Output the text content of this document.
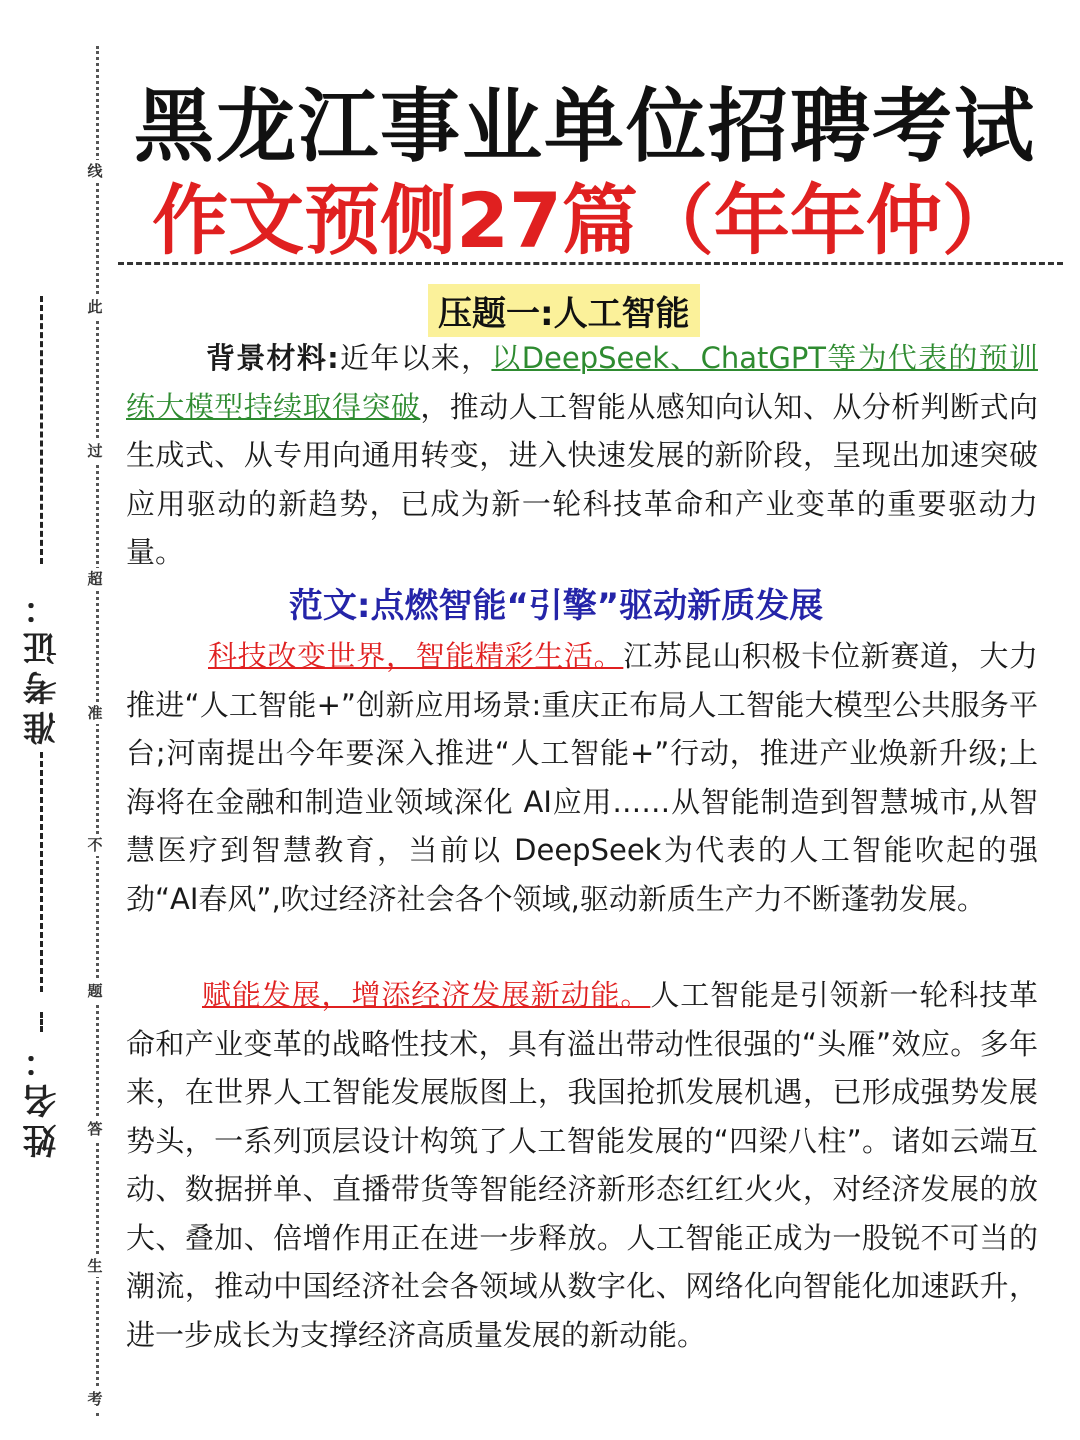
黑龙江事业单位招聘考试
作文预侧27篇（年年仲）
线
此
过
超
准
不
题
答
生
考
准考证：
姓名：
压题一:人工智能

背景材料:近年以来，以DeepSeek、ChatGPT等为代表的预训练大模型持续取得突破，推动人工智能从感知向认知、从分析判断式向生成式、从专用向通用转变，进入快速发展的新阶段，呈现出加速突破应用驱动的新趋势，已成为新一轮科技革命和产业变革的重要驱动力量。

范文:点燃智能“引擎”驱动新质发展

科技改变世界，智能精彩生活。江苏昆山积极卡位新赛道，大力推进“人工智能+”创新应用场景:重庆正布局人工智能大模型公共服务平台;河南提出今年要深入推进“人工智能+”行动，推进产业焕新升级;上海将在金融和制造业领域深化 AI应用……从智能制造到智慧城市,从智慧医疗到智慧教育，当前以 DeepSeek为代表的人工智能吹起的强劲“AI春风”,吹过经济社会各个领域,驱动新质生产力不断蓬勃发展。

赋能发展，增添经济发展新动能。人工智能是引领新一轮科技革命和产业变革的战略性技术，具有溢出带动性很强的“头雁”效应。多年来，在世界人工智能发展版图上，我国抢抓发展机遇，已形成强势发展势头，一系列顶层设计构筑了人工智能发展的“四梁八柱”。诸如云端互动、数据拼单、直播带货等智能经济新形态红红火火，对经济发展的放大、叠加、倍增作用正在进一步释放。人工智能正成为一股锐不可当的潮流，推动中国经济社会各领域从数字化、网络化向智能化加速跃升，进一步成长为支撑经济高质量发展的新动能。
